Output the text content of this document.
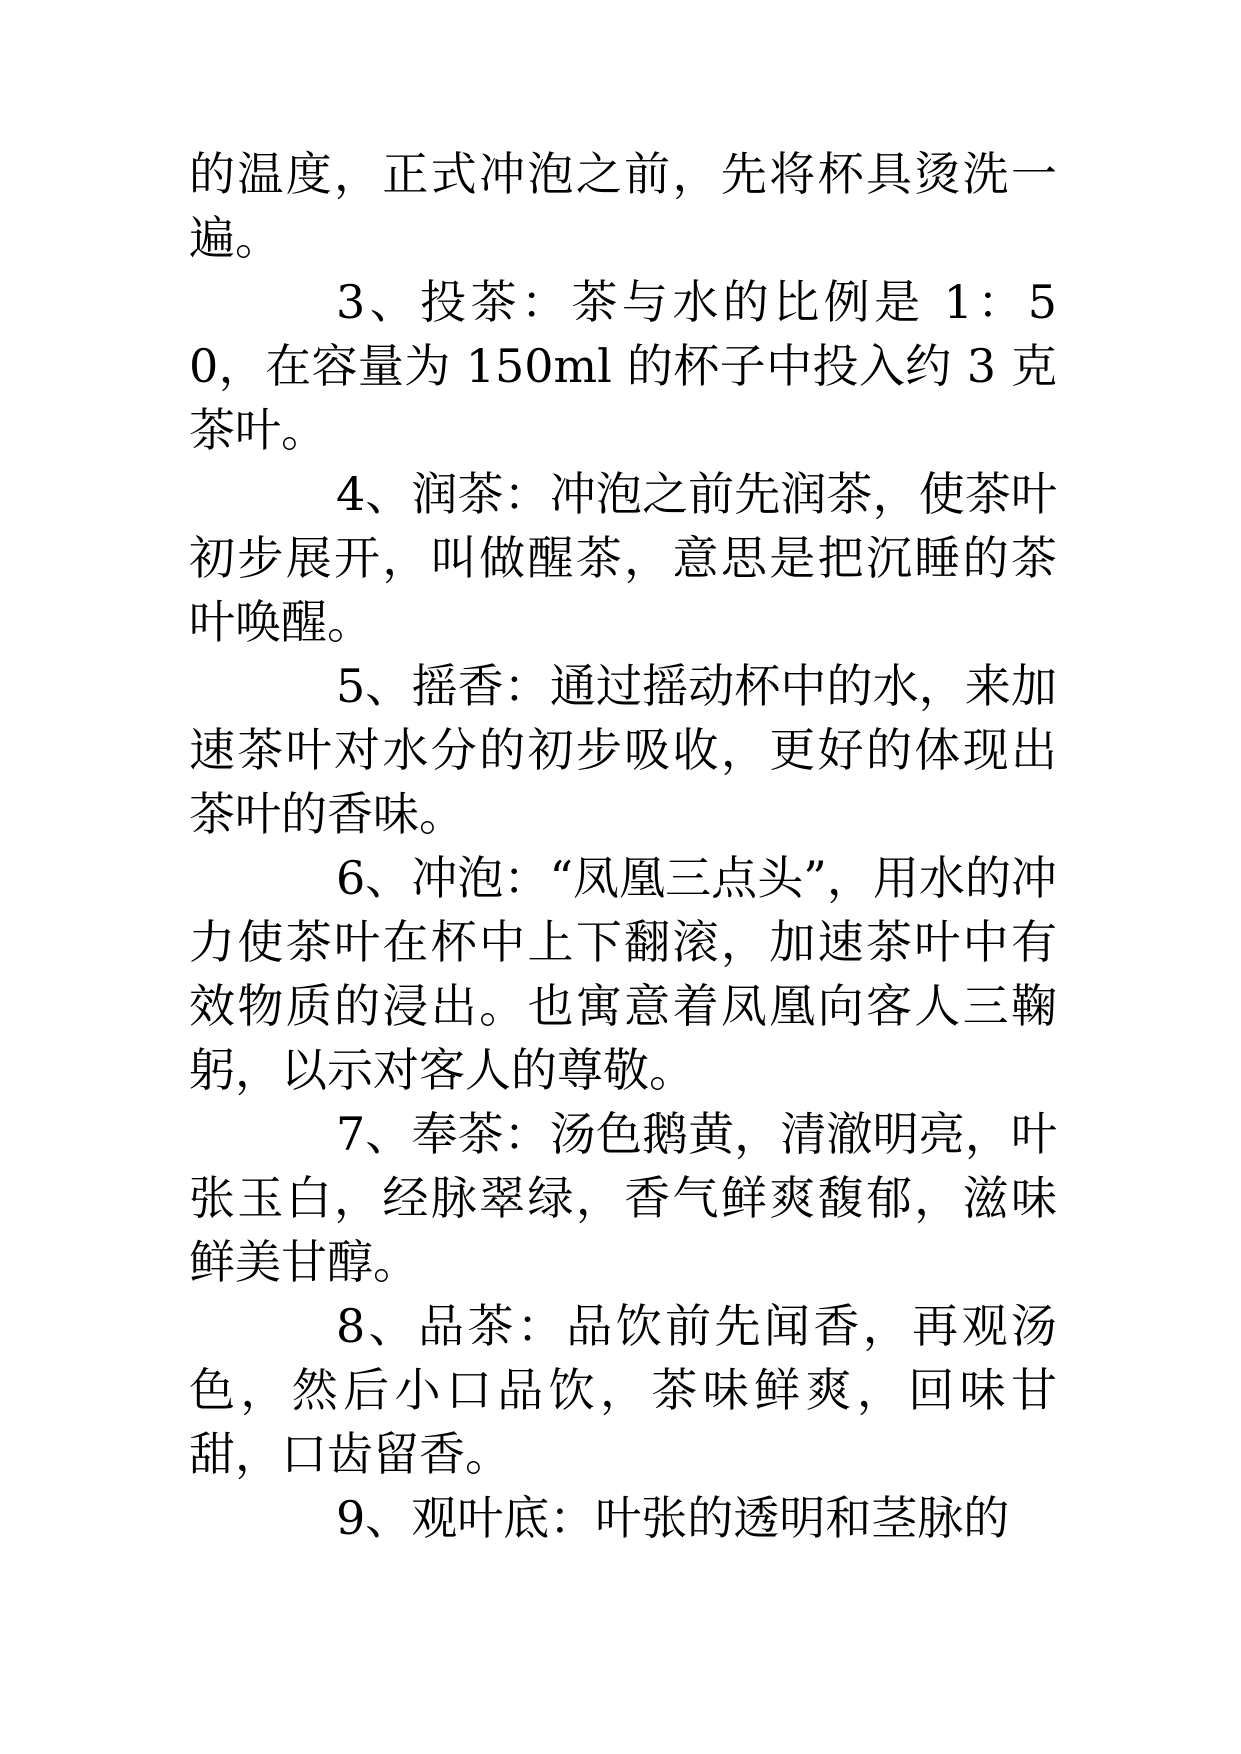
的温度，正式冲泡之前，先将杯具烫洗一遍。

3、投茶：茶与水的比例是 1：50，在容量为 150ml 的杯子中投入约 3 克茶叶。

4、润茶：冲泡之前先润茶，使茶叶初步展开，叫做醒茶，意思是把沉睡的茶叶唤醒。

5、摇香：通过摇动杯中的水，来加速茶叶对水分的初步吸收，更好的体现出茶叶的香味。

6、冲泡：“凤凰三点头”，用水的冲力使茶叶在杯中上下翻滚，加速茶叶中有效物质的浸出。也寓意着凤凰向客人三鞠躬，以示对客人的尊敬。

7、奉茶：汤色鹅黄，清澈明亮，叶张玉白，经脉翠绿，香气鲜爽馥郁，滋味鲜美甘醇。

8、品茶：品饮前先闻香，再观汤色，然后小口品饮，茶味鲜爽，回味甘甜，口齿留香。

9、观叶底：叶张的透明和茎脉的
